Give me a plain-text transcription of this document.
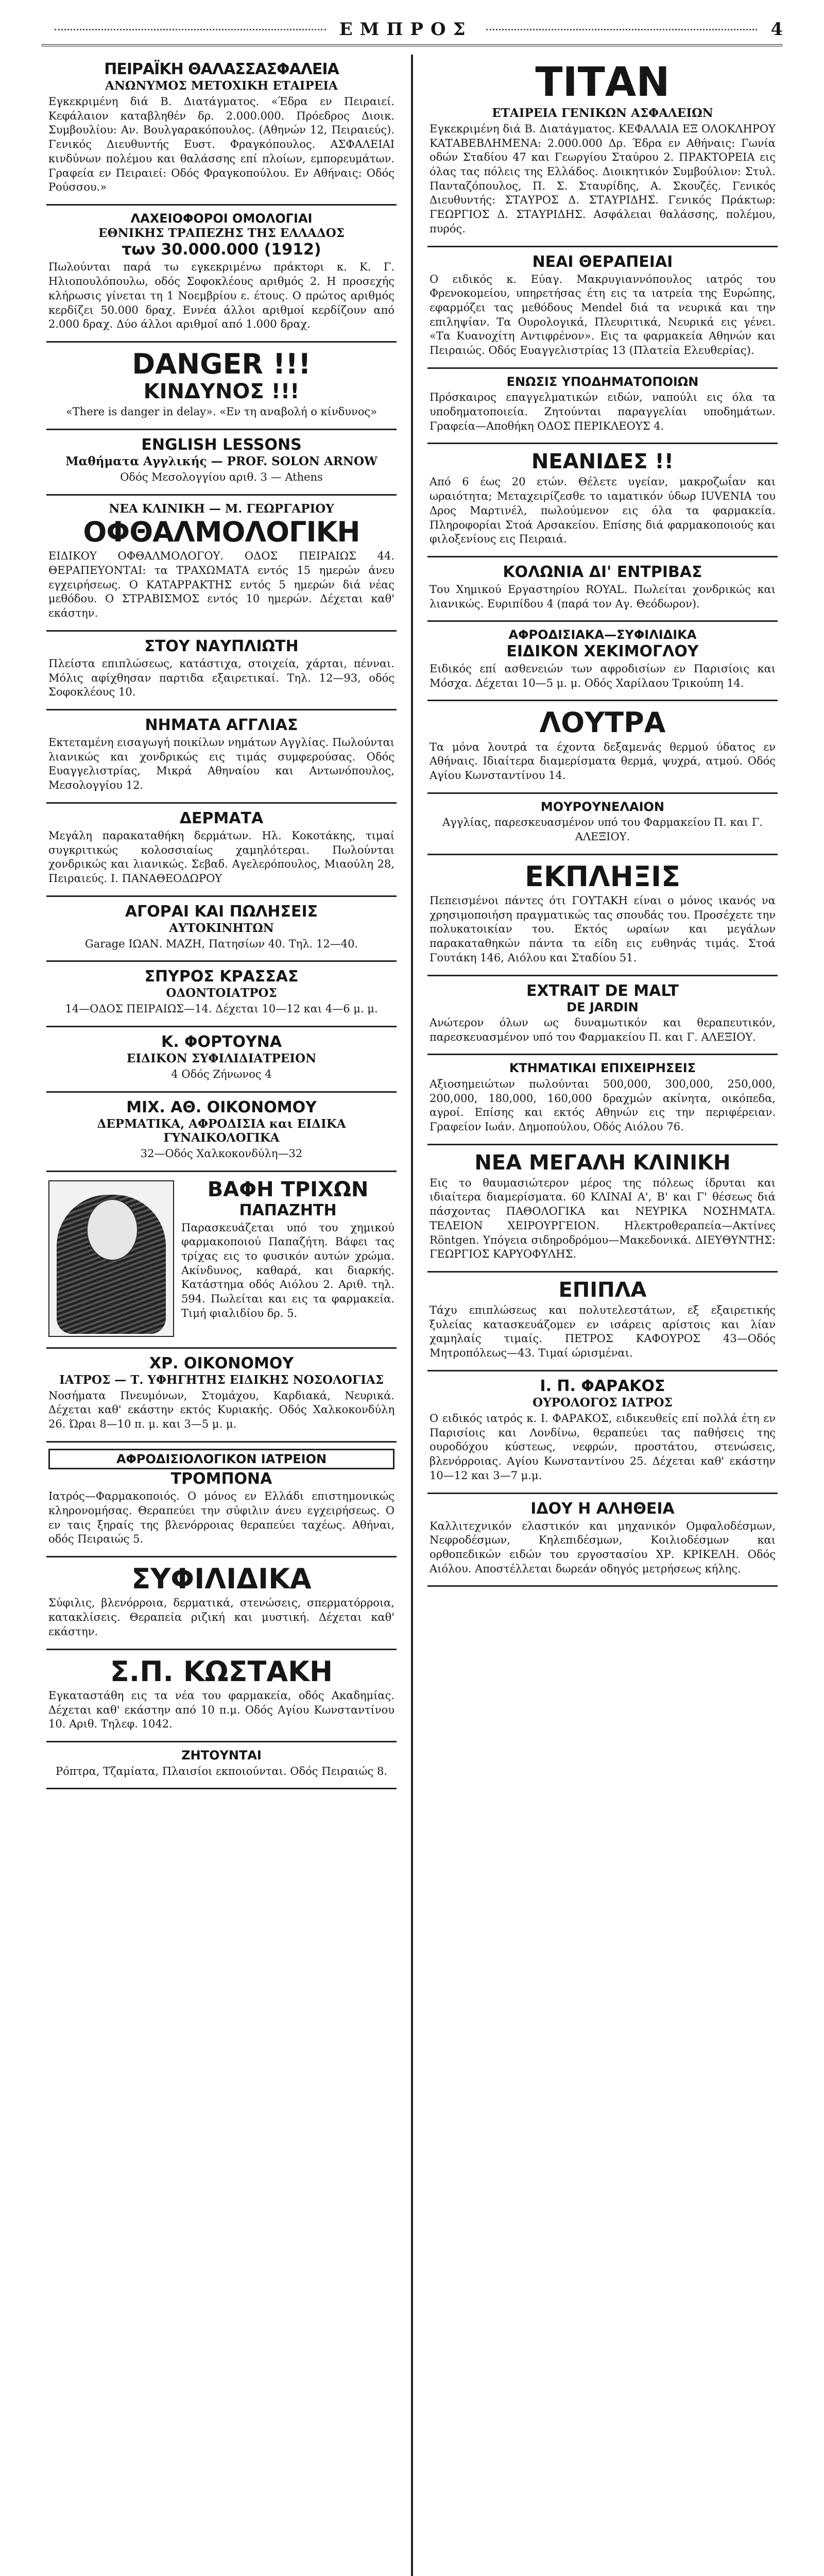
ΕΜΠΡΟΣ	4
ΠΕΙΡΑΪΚΗ ΘΑΛΑΣΣΑΣΦΑΛΕΙΑ
ΑΝΩΝΥΜΟΣ ΜΕΤΟΧΙΚΗ ΕΤΑΙΡΕΙΑ

Εγκεκριμένη διά Β. Διατάγματος. «Έδρα εν Πειραιεί. Κεφάλαιον καταβληθέν δρ. 2.000.000. Πρόεδρος Διοικ. Συμβουλίου: Αν. Βουλγαρακόπουλος. (Αθηνών 12, Πειραιεύς). Γενικός Διευθυντής Ευστ. Φραγκόπουλος. ΑΣΦΑΛΕΙΑΙ κινδύνων πολέμου και θαλάσσης επί πλοίων, εμπορευμάτων. Γραφεία εν Πειραιεί: Οδός Φραγκοπούλου. Εν Αθήναις: Οδός Ρούσσου.»

ΛΑΧΕΙΟΦΟΡΟΙ ΟΜΟΛΟΓΙΑΙ
ΕΘΝΙΚΗΣ ΤΡΑΠΕΖΗΣ ΤΗΣ ΕΛΛΑΔΟΣ
των 30.000.000 (1912)

Πωλούνται παρά τω εγκεκριμένω πράκτορι κ. Κ. Γ. Ηλιοπουλόπουλω, οδός Σοφοκλέους αριθμός 2. Η προσεχής κλήρωσις γίνεται τη 1 Νοεμβρίου ε. έτους. Ο πρώτος αριθμός κερδίζει 50.000 δραχ. Εννέα άλλοι αριθμοί κερδίζουν από 2.000 δραχ. Δύο άλλοι αριθμοί από 1.000 δραχ.

DANGER !!!
ΚΙΝΔΥΝΟΣ !!!

«There is danger in delay». «Εν τη αναβολή ο κίνδυνος»

ENGLISH LESSONS
Μαθήματα Αγγλικής — PROF. SOLON ARNOW

Οδός Μεσολογγίου αριθ. 3 — Athens

ΝΕΑ ΚΛΙΝΙΚΗ — Μ. ΓΕΩΡΓΑΡΙΟΥ
ΟΦΘΑΛΜΟΛΟΓΙΚΗ

ΕΙΔΙΚΟΥ ΟΦΘΑΛΜΟΛΟΓΟΥ. ΟΔΟΣ ΠΕΙΡΑΙΩΣ 44. ΘΕΡΑΠΕΥΟΝΤΑΙ: τα ΤΡΑΧΩΜΑΤΑ εντός 15 ημερών άνευ εγχειρήσεως. Ο ΚΑΤΑΡΡΑΚΤΗΣ εντός 5 ημερών διά νέας μεθόδου. Ο ΣΤΡΑΒΙΣΜΟΣ εντός 10 ημερών. Δέχεται καθ' εκάστην.

ΣΤΟΥ ΝΑΥΠΛΙΩΤΗ

Πλείστα επιπλώσεως, κατάστιχα, στοιχεία, χάρται, πένναι. Μόλις αφίχθησαν παρτιδα εξαιρετικαί. Τηλ. 12—93, οδός Σοφοκλέους 10.

ΝΗΜΑΤΑ ΑΓΓΛΙΑΣ

Εκτεταμένη εισαγωγή ποικίλων νημάτων Αγγλίας. Πωλούνται λιανικώς και χονδρικώς εις τιμάς συμφερούσας. Οδός Ευαγγελιστρίας, Μικρά Αθηναίου και Αντωνόπουλος, Μεσολογγίου 12.

ΔΕΡΜΑΤΑ

Μεγάλη παρακαταθήκη δερμάτων. Ηλ. Κοκοτάκης, τιμαί συγκριτικώς κολοσσιαίως χαμηλότεραι. Πωλούνται χονδρικώς και λιανικώς. Σεβαδ. Αγελερόπουλος, Μιαούλη 28, Πειραιεύς. Ι. ΠΑΝΑΘΕΟΔΩΡΟΥ

ΑΓΟΡΑΙ ΚΑΙ ΠΩΛΗΣΕΙΣ
ΑΥΤΟΚΙΝΗΤΩΝ

Garage ΙΩΑΝ. ΜΑΖΗ, Πατησίων 40. Τηλ. 12—40.

ΣΠΥΡΟΣ ΚΡΑΣΣΑΣ
ΟΔΟΝΤΟΙΑΤΡΟΣ

14—ΟΔΟΣ ΠΕΙΡΑΙΩΣ—14. Δέχεται 10—12 και 4—6 μ. μ.

Κ. ΦΟΡΤΟΥΝΑ
ΕΙΔΙΚΟΝ ΣΥΦΙΛΙΔΙΑΤΡΕΙΟΝ

4 Οδός Ζήνωνος 4

ΜΙΧ. ΑΘ. ΟΙΚΟΝΟΜΟΥ
ΔΕΡΜΑΤΙΚΑ, ΑΦΡΟΔΙΣΙΑ και ΕΙΔΙΚΑ ΓΥΝΑΙΚΟΛΟΓΙΚΑ

32—Οδός Χαλκοκονδύλη—32

ΒΑΦΗ ΤΡΙΧΩΝ
ΠΑΠΑΖΗΤΗ

Παρασκευάζεται υπό του χημικού φαρμακοποιού Παπαζήτη. Βάφει τας τρίχας εις το φυσικόν αυτών χρώμα. Ακίνδυνος, καθαρά, και διαρκής. Κατάστημα οδός Αιόλου 2. Αριθ. τηλ. 594. Πωλείται και εις τα φαρμακεία. Τιμή φιαλιδίου δρ. 5.

ΧΡ. ΟΙΚΟΝΟΜΟΥ
ΙΑΤΡΟΣ — Τ. ΥΦΗΓΗΤΗΣ ΕΙΔΙΚΗΣ ΝΟΣΟΛΟΓΙΑΣ

Νοσήματα Πνευμόνων, Στομάχου, Καρδιακά, Νευρικά. Δέχεται καθ' εκάστην εκτός Κυριακής. Οδός Χαλκοκονδύλη 26. Ώραι 8—10 π. μ. και 3—5 μ. μ.

ΑΦΡΟΔΙΣΙΟΛΟΓΙΚΟΝ ΙΑΤΡΕΙΟΝ
ΤΡΟΜΠΟΝΑ

Ιατρός—Φαρμακοποιός. Ο μόνος εν Ελλάδι επιστημονικώς κληρονομήσας. Θεραπεύει την σύφιλιν άνευ εγχειρήσεως. Ο εν ταις ξηραίς της βλενόρροιας θεραπεύει ταχέως. Αθήναι, οδός Πειραιώς 5.

ΣΥΦΙΛΙΔΙΚΑ

Σύφιλις, βλενόρροια, δερματικά, στενώσεις, σπερματόρροια, κατακλίσεις. Θεραπεία ριζική και μυστική. Δέχεται καθ' εκάστην.

Σ.Π. ΚΩΣΤΑΚΗ

Εγκαταστάθη εις τα νέα του φαρμακεία, οδός Ακαδημίας. Δέχεται καθ' εκάστην από 10 π.μ. Οδός Αγίου Κωνσταντίνου 10. Αριθ. Τηλεφ. 1042.

ΖΗΤΟΥΝΤΑΙ

Ρόπτρα, Τζαμίατα, Πλαισίοι εκποιούνται. Οδός Πειραιώς 8.

ΤΙΤΑΝ
ΕΤΑΙΡΕΙΑ ΓΕΝΙΚΩΝ ΑΣΦΑΛΕΙΩΝ

Εγκεκριμένη διά Β. Διατάγματος. ΚΕΦΑΛΑΙΑ ΕΞ ΟΛΟΚΛΗΡΟΥ ΚΑΤΑΒΕΒΛΗΜΕΝΑ: 2.000.000 Δρ. Έδρα εν Αθήναις: Γωνία οδών Σταδίου 47 και Γεωργίου Σταύρου 2. ΠΡΑΚΤΟΡΕΙΑ εις όλας τας πόλεις της Ελλάδος. Διοικητικόν Συμβούλιον: Στυλ. Πανταζόπουλος, Π. Σ. Σταυρίδης, Α. Σκουζές. Γενικός Διευθυντής: ΣΤΑΥΡΟΣ Δ. ΣΤΑΥΡΙΔΗΣ. Γενικός Πράκτωρ: ΓΕΩΡΓΙΟΣ Δ. ΣΤΑΥΡΙΔΗΣ. Ασφάλειαι θαλάσσης, πολέμου, πυρός.

ΝΕΑΙ ΘΕΡΑΠΕΙΑΙ

Ο ειδικός κ. Εύαγ. Μακρυγιαννόπουλος ιατρός του Φρενοκομείου, υπηρετήσας έτη εις τα ιατρεία της Ευρώπης, εφαρμόζει τας μεθόδους Mendel διά τα νευρικά και την επιληψίαν. Τα Ουρολογικά, Πλευριτικά, Νευρικά εις γένει. «Τα Κυανοχίτη Αντιφρένον». Εις τα φαρμακεία Αθηνών και Πειραιώς. Οδός Ευαγγελιστρίας 13 (Πλατεία Ελευθερίας).

ΕΝΩΣΙΣ ΥΠΟΔΗΜΑΤΟΠΟΙΩΝ

Πρόσκαιρος επαγγελματικών ειδών, ναπούλι εις όλα τα υποδηματοποιεία. Ζητούνται παραγγελίαι υποδημάτων. Γραφεία—Αποθήκη ΟΔΟΣ ΠΕΡΙΚΛΕΟΥΣ 4.

ΝΕΑΝΙΔΕΣ !!

Από 6 έως 20 ετών. Θέλετε υγείαν, μακροζωΐαν και ωραιότητα; Μεταχειρίζεσθε το ιαματικόν ύδωρ IUVENIA του Δρος Μαρτινέλ, πωλούμενον εις όλα τα φαρμακεία. Πληροφορίαι Στοά Αρσακείου. Επίσης διά φαρμακοποιούς και φιλοξενίους εις Πειραιά.

ΚΟΛΩΝΙΑ ΔΙ' ΕΝΤΡΙΒΑΣ

Του Χημικού Εργαστηρίου ROYAL. Πωλείται χονδρικώς και λιανικώς. Ευριπίδου 4 (παρά τον Αγ. Θεόδωρον).

ΑΦΡΟΔΙΣΙΑΚΑ—ΣΥΦΙΛΙΔΙΚΑ
ΕΙΔΙΚΟΝ ΧΕΚΙΜΟΓΛΟΥ

Ειδικός επί ασθενειών των αφροδισίων εν Παρισίοις και Μόσχα. Δέχεται 10—5 μ. μ. Οδός Χαρίλαου Τρικούπη 14.

ΛΟΥΤΡΑ

Τα μόνα λουτρά τα έχοντα δεξαμενάς θερμού ύδατος εν Αθήναις. Ιδιαίτερα διαμερίσματα θερμά, ψυχρά, ατμού. Οδός Αγίου Κωνσταντίνου 14.

ΜΟΥΡΟΥΝΕΛΑΙΟΝ

Αγγλίας, παρεσκευασμένον υπό του Φαρμακείου Π. και Γ. ΑΛΕΞΙΟΥ.

ΕΚΠΛΗΞΙΣ

Πεπεισμένοι πάντες ότι ΓΟΥΤΑΚΗ είναι ο μόνος ικανός να χρησιμοποιήση πραγματικώς τας σπουδάς του. Προσέχετε την πολυκατοικίαν του. Εκτός ωραίων και μεγάλων παρακαταθηκών πάντα τα είδη εις ευθηνάς τιμάς. Στοά Γουτάκη 146, Αιόλου και Σταδίου 51.

EXTRAIT DE MALT
DE JARDIN

Ανώτερον όλων ως δυναμωτικόν και θεραπευτικόν, παρεσκευασμένον υπό του Φαρμακείου Π. και Γ. ΑΛΕΞΙΟΥ.

ΚΤΗΜΑΤΙΚΑΙ ΕΠΙΧΕΙΡΗΣΕΙΣ

Αξιοσημειώτων πωλούνται 500,000, 300,000, 250,000, 200,000, 180,000, 160,000 δραχμών ακίνητα, οικόπεδα, αγροί. Επίσης και εκτός Αθηνών εις την περιφέρειαν. Γραφείον Ιωάν. Δημοπούλου, Οδός Αιόλου 76.

ΝΕΑ ΜΕΓΑΛΗ ΚΛΙΝΙΚΗ

Εις το θαυμασιώτερον μέρος της πόλεως ίδρυται και ιδιαίτερα διαμερίσματα. 60 ΚΛΙΝΑΙ Α', Β' και Γ' θέσεως διά πάσχοντας ΠΑΘΟΛΟΓΙΚΑ και ΝΕΥΡΙΚΑ ΝΟΣΗΜΑΤΑ. ΤΕΛΕΙΟΝ ΧΕΙΡΟΥΡΓΕΙΟΝ. Ηλεκτροθεραπεία—Ακτίνες Röntgen. Υπόγεια σιδηροδρόμου—Μακεδονικά. ΔΙΕΥΘΥΝΤΗΣ: ΓΕΩΡΓΙΟΣ ΚΑΡΥΟΦΥΛΗΣ.

ΕΠΙΠΛΑ

Τάχυ επιπλώσεως και πολυτελεστάτων, εξ εξαιρετικής ξυλείας κατασκευάζομεν εν ισάρεις αρίστοις και λίαν χαμηλαίς τιμαίς. ΠΕΤΡΟΣ ΚΑΦΟΥΡΟΣ 43—Οδός Μητροπόλεως—43. Τιμαί ώρισμέναι.

Ι. Π. ΦΑΡΑΚΟΣ
ΟΥΡΟΛΟΓΟΣ ΙΑΤΡΟΣ

Ο ειδικός ιατρός κ. Ι. ΦΑΡΑΚΟΣ, ειδικευθείς επί πολλά έτη εν Παρισίοις και Λονδίνω, θεραπεύει τας παθήσεις της ουροδόχου κύστεως, νεφρών, προστάτου, στενώσεις, βλενόρροιας. Αγίου Κωνσταντίνου 25. Δέχεται καθ' εκάστην 10—12 και 3—7 μ.μ.

ΙΔΟΥ Η ΑΛΗΘΕΙΑ

Καλλιτεχνικόν ελαστικόν και μηχανικόν Ομφαλοδέσμων, Νεφροδέσμων, Κηλεπιδέσμων, Κοιλιοδέσμων και ορθοπεδικών ειδών του εργοστασίου ΧΡ. ΚΡΙΚΕΛΗ. Οδός Αιόλου. Αποστέλλεται δωρεάν οδηγός μετρήσεως κήλης.
